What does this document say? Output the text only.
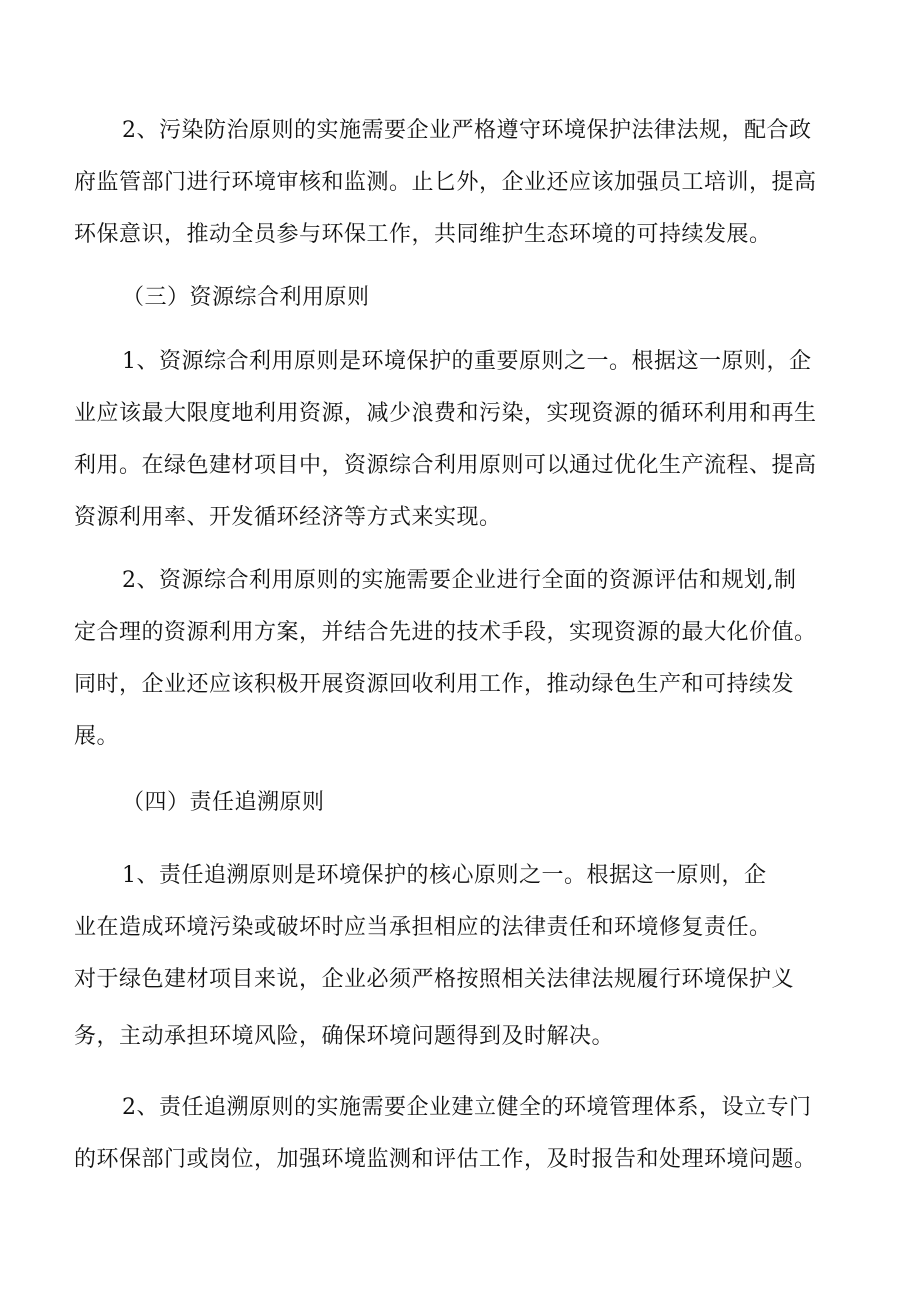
2、污染防治原则的实施需要企业严格遵守环境保护法律法规，配合政
府监管部门进行环境审核和监测。止匕外，企业还应该加强员工培训，提高
环保意识，推动全员参与环保工作，共同维护生态环境的可持续发展。
（三）资源综合利用原则
1、资源综合利用原则是环境保护的重要原则之一。根据这一原则，企
业应该最大限度地利用资源，减少浪费和污染，实现资源的循环利用和再生
利用。在绿色建材项目中，资源综合利用原则可以通过优化生产流程、提高
资源利用率、开发循环经济等方式来实现。
2、资源综合利用原则的实施需要企业进行全面的资源评估和规划,制
定合理的资源利用方案，并结合先进的技术手段，实现资源的最大化价值。
同时，企业还应该积极开展资源回收利用工作，推动绿色生产和可持续发
展。
（四）责任追溯原则
1、责任追溯原则是环境保护的核心原则之一。根据这一原则，企
业在造成环境污染或破坏时应当承担相应的法律责任和环境修复责任。
对于绿色建材项目来说，企业必须严格按照相关法律法规履行环境保护义
务，主动承担环境风险，确保环境问题得到及时解决。
2、责任追溯原则的实施需要企业建立健全的环境管理体系，设立专门
的环保部门或岗位，加强环境监测和评估工作，及时报告和处理环境问题。
